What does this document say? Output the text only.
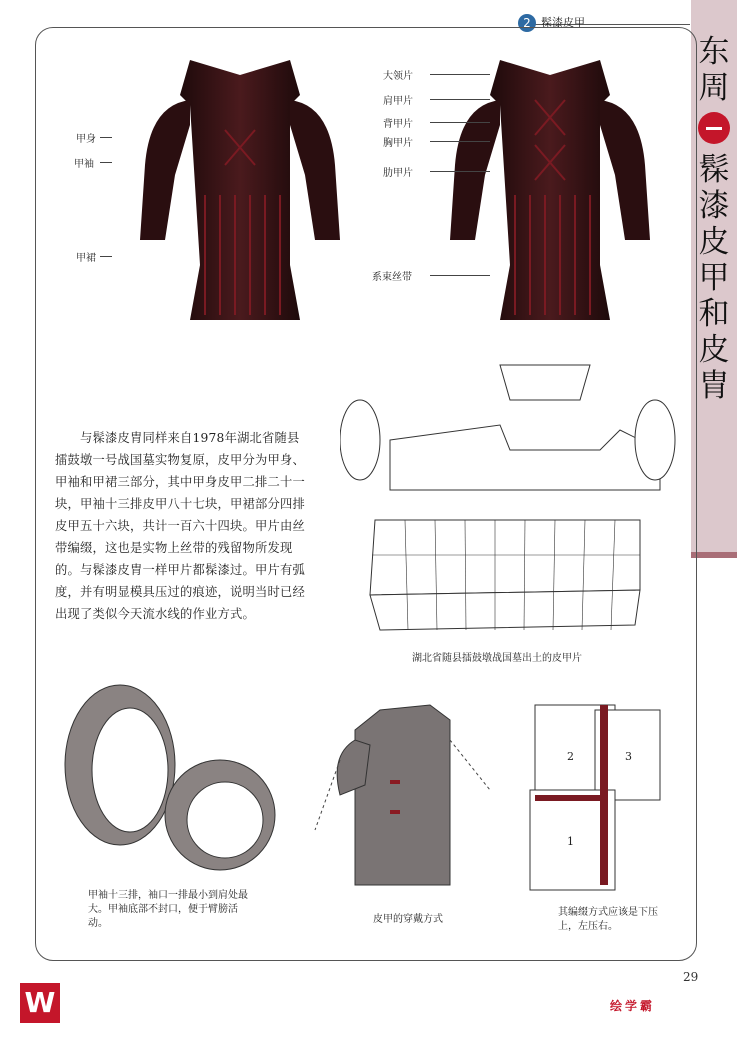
2 髹漆皮甲
东周
髹漆皮甲和皮胄
甲身
甲袖
甲裙
大领片
肩甲片
背甲片
胸甲片
肋甲片
系束丝带
湖北省随县擂鼓墩战国墓出土的皮甲片
与髹漆皮胄同样来自1978年湖北省随县擂鼓墩一号战国墓实物复原，皮甲分为甲身、甲袖和甲裙三部分，其中甲身皮甲二排二十一块，甲袖十三排皮甲八十七块，甲裙部分四排皮甲五十六块，共计一百六十四块。甲片由丝带编缀，这也是实物上丝带的残留物所发现的。与髹漆皮胄一样甲片都髹漆过。甲片有弧度，并有明显模具压过的痕迹，说明当时已经出现了类似今天流水线的作业方式。
甲袖十三排，袖口一排最小到肩处最大。甲袖底部不封口，便于臂膀活动。	皮甲的穿戴方式
2	3
1
其编缀方式应该是下压上，左压右。
29
W	绘学霸
